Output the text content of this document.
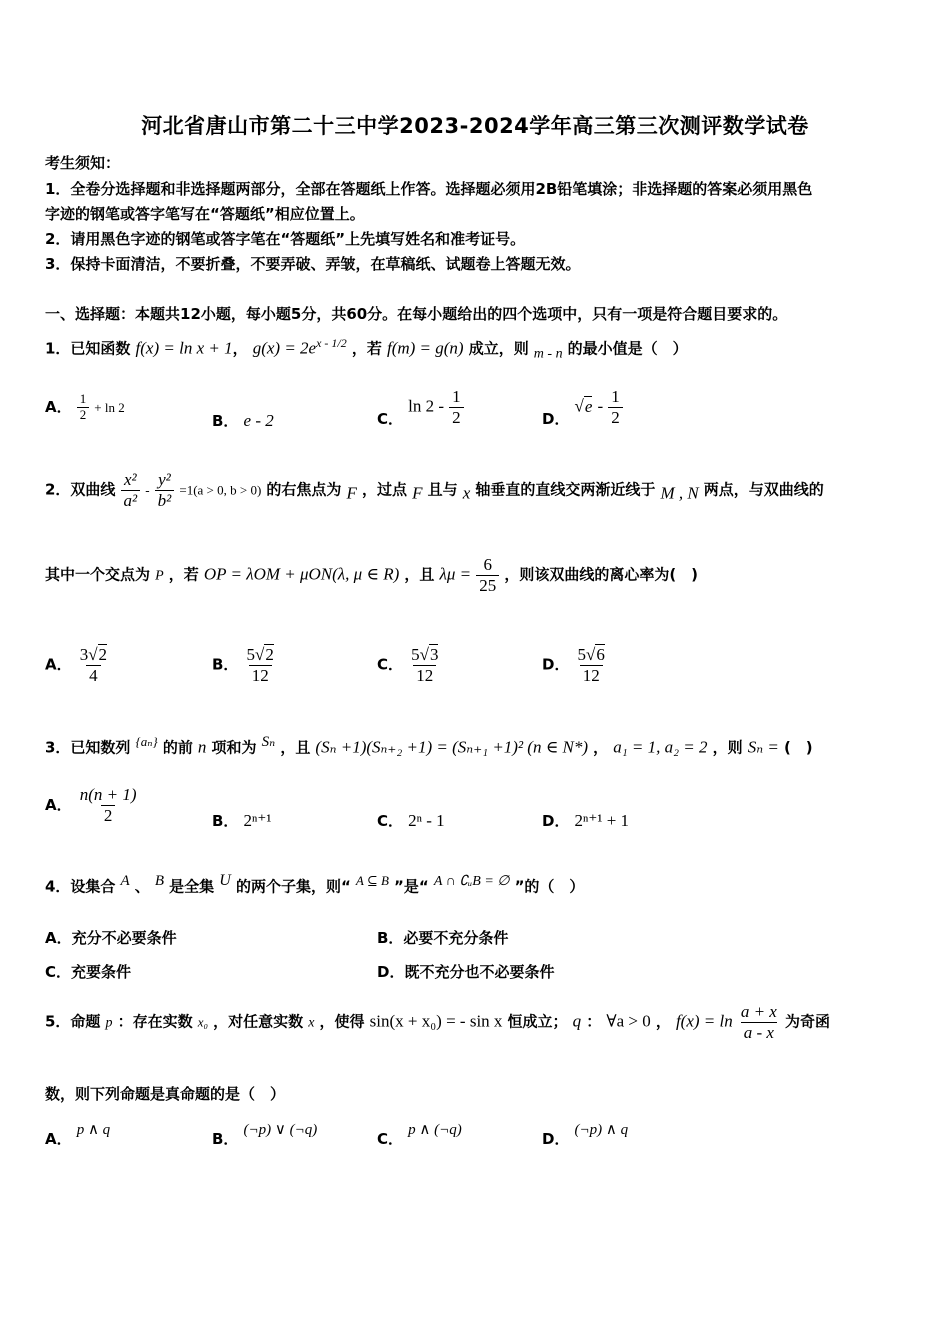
河北省唐山市第二十三中学2023-2024学年高三第三次测评数学试卷
考生须知：
1．全卷分选择题和非选择题两部分，全部在答题纸上作答。选择题必须用2B铅笔填涂；非选择题的答案必须用黑色
字迹的钢笔或答字笔写在“答题纸”相应位置上。
2．请用黑色字迹的钢笔或答字笔在“答题纸”上先填写姓名和准考证号。
3．保持卡面清洁，不要折叠，不要弄破、弄皱，在草稿纸、试题卷上答题无效。
一、选择题：本题共12小题，每小题5分，共60分。在每小题给出的四个选项中，只有一项是符合题目要求的。
1．已知函数 f(x) = ln x + 1， $g(x) = 2e^{x - 1/2}$ ，若 f(m) = g(n) 成立，则 $_{m - n}$ 的最小值是（　）
A． $\frac{1}{2} + \ln 2$
B． e - 2	C． $\ln 2 - \frac{1}{2}$	D． $√e - \frac{1}{2}$
2．双曲线 $\frac{\text{x²}}{\text{a²}} - \frac{\text{y²}}{\text{b²}} =1(a > 0$, b > 0) 的右焦点为 $_F$ ，过点 $_F$ 且与 $_x$ 轴垂直的直线交两渐近线于 $_{M , N}$ 两点，与双曲线的
其中一个交点为 P ，若 OP = λOM + μON(λ, μ ∈ R) ，且 $\lambda\mu = \frac{6}{25}$ ，则该双曲线的离心率为(　)
A． $\frac{3√2}{4}$	B． $\frac{5√2}{12}$	C． $\frac{5√3}{12}$	D． $\frac{5√6}{12}$
3．已知数列 $^{\{a_n\}}$ 的前 n 项和为 $^{S_n}$ ，且 (Sₙ +1)(Sₙ₊₂ +1) = (Sₙ₊₁ +1)² (n ∈ N*) ， a₁ = 1, a₂ = 2 ，则 Sₙ = (　)
A． $\frac{n(n + 1)}{2}$	B． 2ⁿ⁺¹	C． 2ⁿ - 1	D． 2ⁿ⁺¹ + 1
4．设集合 $^A$ 、 $^B$ 是全集 $^U$ 的两个子集，则“ $^{A ⊆ B}$ ”是“ $^{A \cap ∁ᵤB = \emptyset}$ ”的（　）
A．充分不必要条件	B．必要不充分条件
C．充要条件	D．既不充分也不必要条件
5．命题 p ：存在实数 x₀ ，对任意实数 x ，使得 sin(x + x₀) = - sin x 恒成立； q ： ∀a > 0 ， $f(x) = \ln \frac{a + x}{a - x}$ 为奇函
数，则下列命题是真命题的是（　）
A． p ∧ q	B． (¬p) ∨ (¬q)	C． p ∧ (¬q)	D． (¬p) ∧ q
